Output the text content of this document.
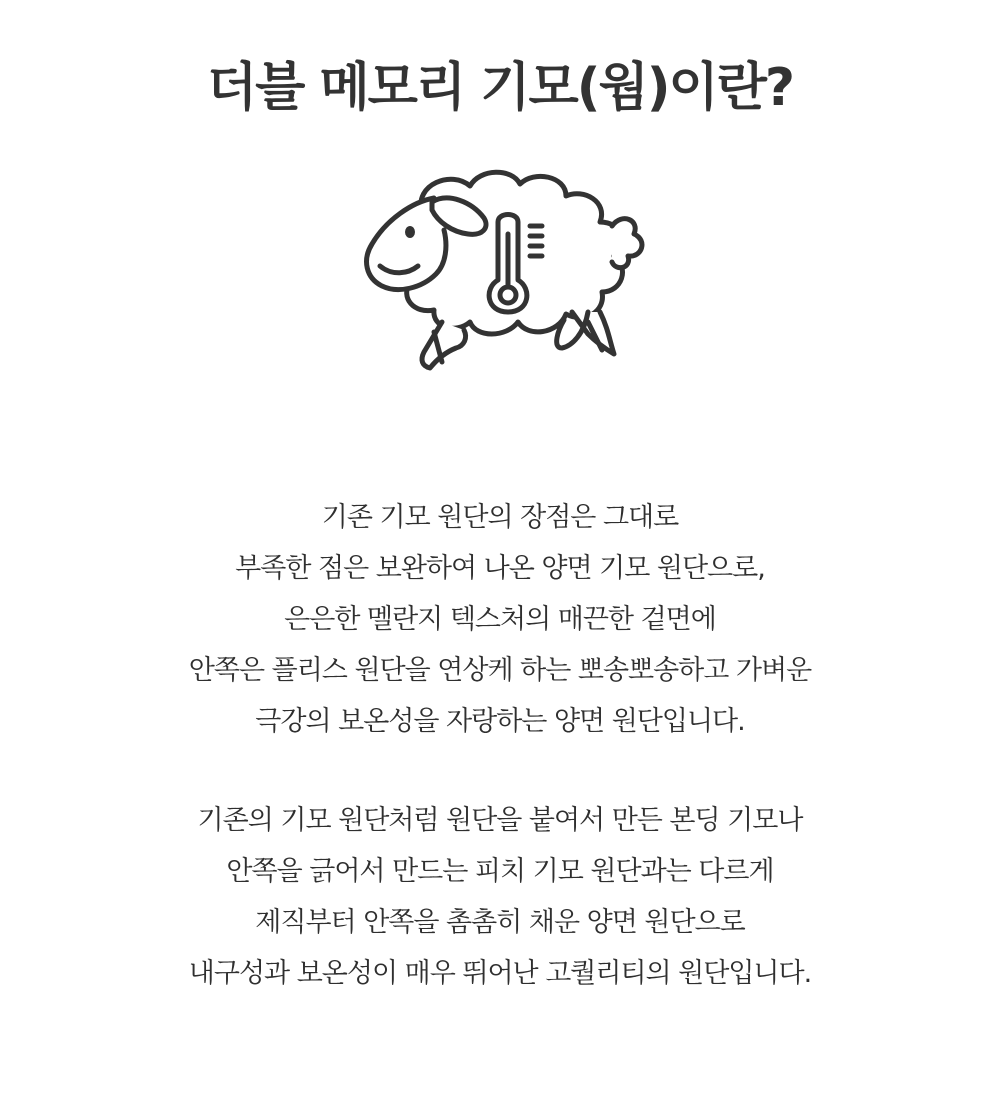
더블 메모리 기모(웜)이란?

기존 기모 원단의 장점은 그대로
부족한 점은 보완하여 나온 양면 기모 원단으로,
은은한 멜란지 텍스처의 매끈한 겉면에
안쪽은 플리스 원단을 연상케 하는 뽀송뽀송하고 가벼운
극강의 보온성을 자랑하는 양면 원단입니다.

기존의 기모 원단처럼 원단을 붙여서 만든 본딩 기모나
안쪽을 긁어서 만드는 피치 기모 원단과는 다르게
제직부터 안쪽을 촘촘히 채운 양면 원단으로
내구성과 보온성이 매우 뛰어난 고퀄리티의 원단입니다.
